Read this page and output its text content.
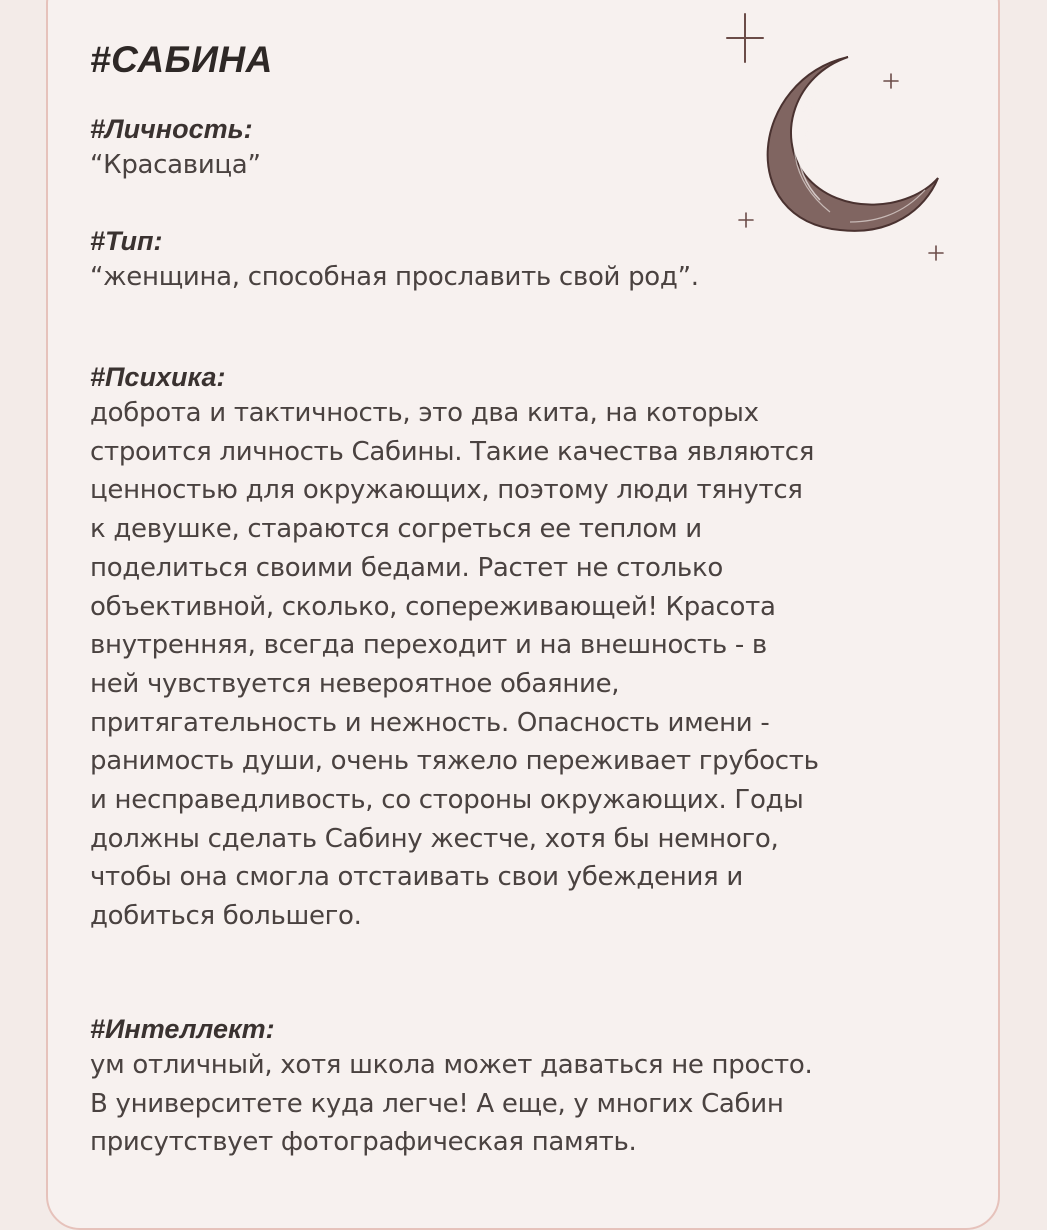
#САБИНА
#Личность:

“Красавица”

#Тип:

“женщина, способная прославить свой род”.

#Психика:

доброта и тактичность, это два кита, на которых
строится личность Сабины. Такие качества являются
ценностью для окружающих, поэтому люди тянутся
к девушке, стараются согреться ее теплом и
поделиться своими бедами. Растет не столько
объективной, сколько, сопереживающей! Красота
внутренняя, всегда переходит и на внешность - в
ней чувствуется невероятное обаяние,
притягательность и нежность. Опасность имени -
ранимость души, очень тяжело переживает грубость
и несправедливость, со стороны окружающих. Годы
должны сделать Сабину жестче, хотя бы немного,
чтобы она смогла отстаивать свои убеждения и
добиться большего.

#Интеллект:

ум отличный, хотя школа может даваться не просто.
В университете куда легче! А еще, у многих Сабин
присутствует фотографическая память.
